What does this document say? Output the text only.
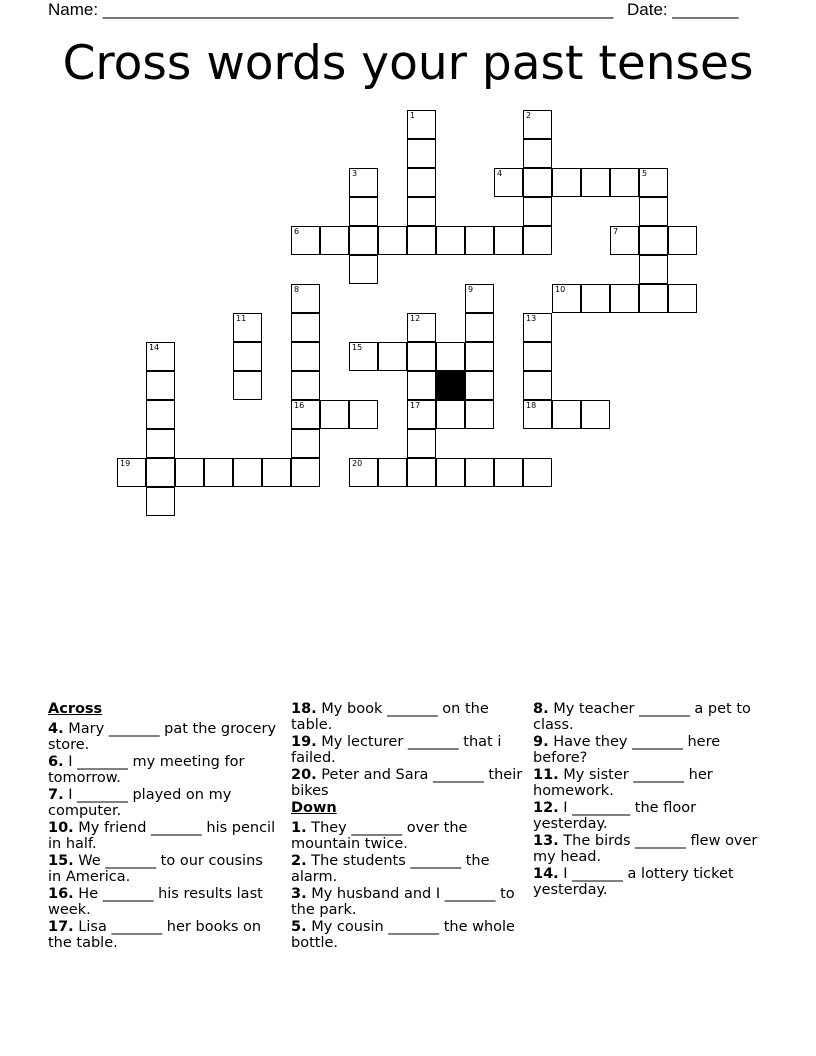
Name: ______________________________________________________ Date: _______
Cross words your past tenses
1	2
3	4	5
6	7
8	9	10
11	12	13
14	15
16	17	18
19	20
Across
4. Mary _______ pat the grocery store.
6. I _______ my meeting for tomorrow.
7. I _______ played on my computer.
10. My friend _______ his pencil in half.
15. We _______ to our cousins in America.
16. He _______ his results last week.
17. Lisa _______ her books on the table.
18. My book _______ on the table.
19. My lecturer _______ that i failed.
20. Peter and Sara _______ their bikes
Down
1. They _______ over the mountain twice.
2. The students _______ the alarm.
3. My husband and I _______ to the park.
5. My cousin _______ the whole bottle.
8. My teacher _______ a pet to class.
9. Have they _______ here before?
11. My sister _______ her homework.
12. I ________ the floor yesterday.
13. The birds _______ flew over my head.
14. I _______ a lottery ticket yesterday.
